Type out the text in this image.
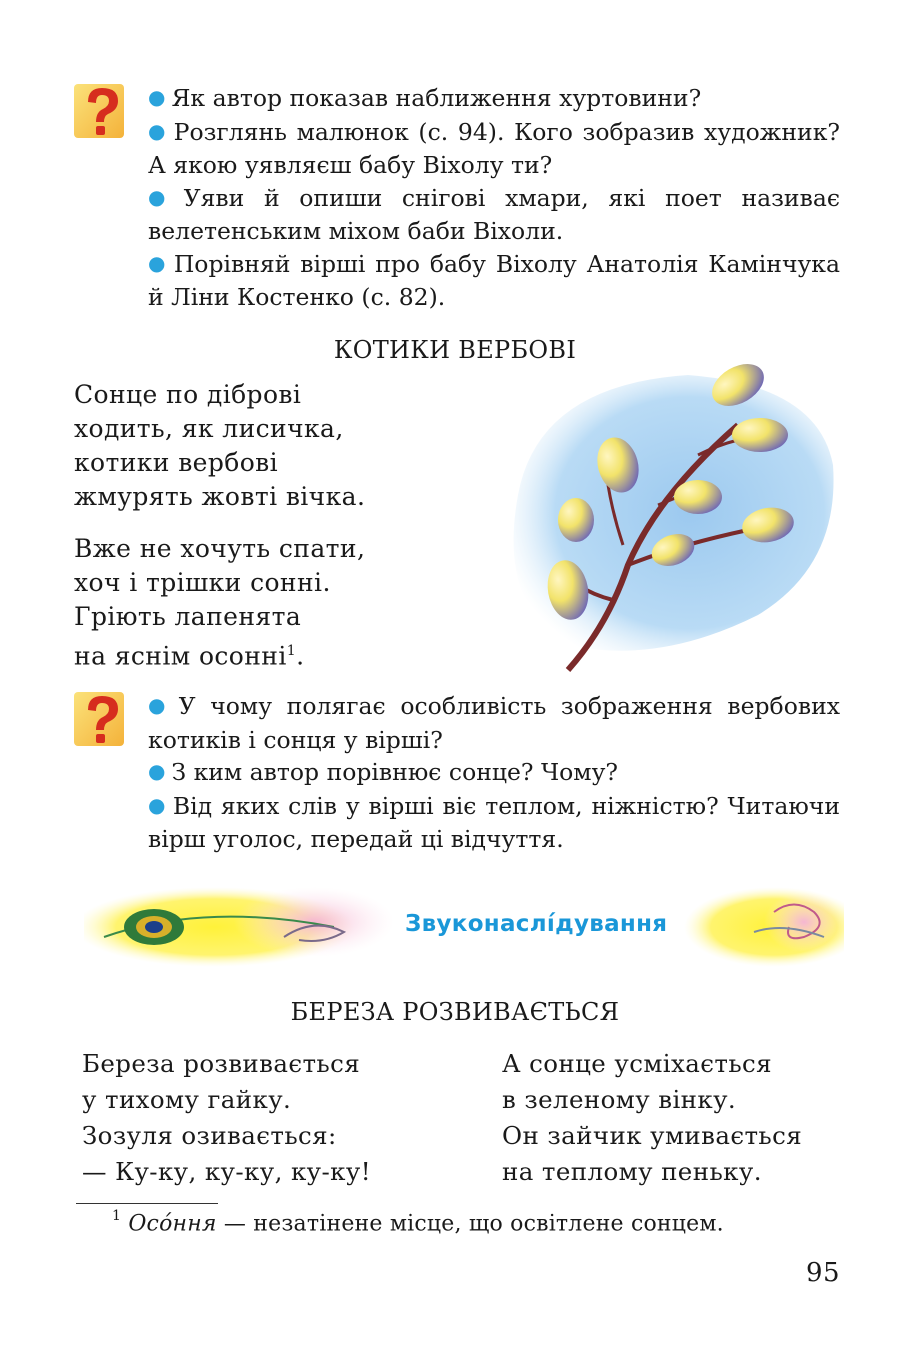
● Як автор показав наближення хуртовини?
● Розглянь малюнок (с. 94). Кого зобразив художник? А якою уявляєш бабу Віхолу ти?
● Уяви й опиши снігові хмари, які поет називає велетенським міхом баби Віхоли.
● Порівняй вірші про бабу Віхолу Анатолія Камінчука й Ліни Костенко (с. 82).
КОТИКИ ВЕРБОВІ
Сонце по діброві
ходить, як лисичка,
котики вербові
жмурять жовті вічка.
Вже не хочуть спати,
хоч і трішки сонні.
Гріють лапенята
на яснім осонні$^1$.
● У чому полягає особливість зображення вербових котиків і сонця у вірші?
● З ким автор порівнює сонце? Чому?
● Від яких слів у вірші віє теплом, ніжністю? Читаючи вірш уголос, передай ці відчуття.
Звуконаслі́дування
БЕРЕЗА РОЗВИВАЄТЬСЯ
Береза розвивається
у тихому гайку.
Зозуля озивається:
— Ку-ку, ку-ку, ку-ку!
А сонце усміхається
в зеленому вінку.
Он зайчик умивається
на теплому пеньку.
$^1$ Осо́ння — незатінене місце, що освітлене сонцем.
95
